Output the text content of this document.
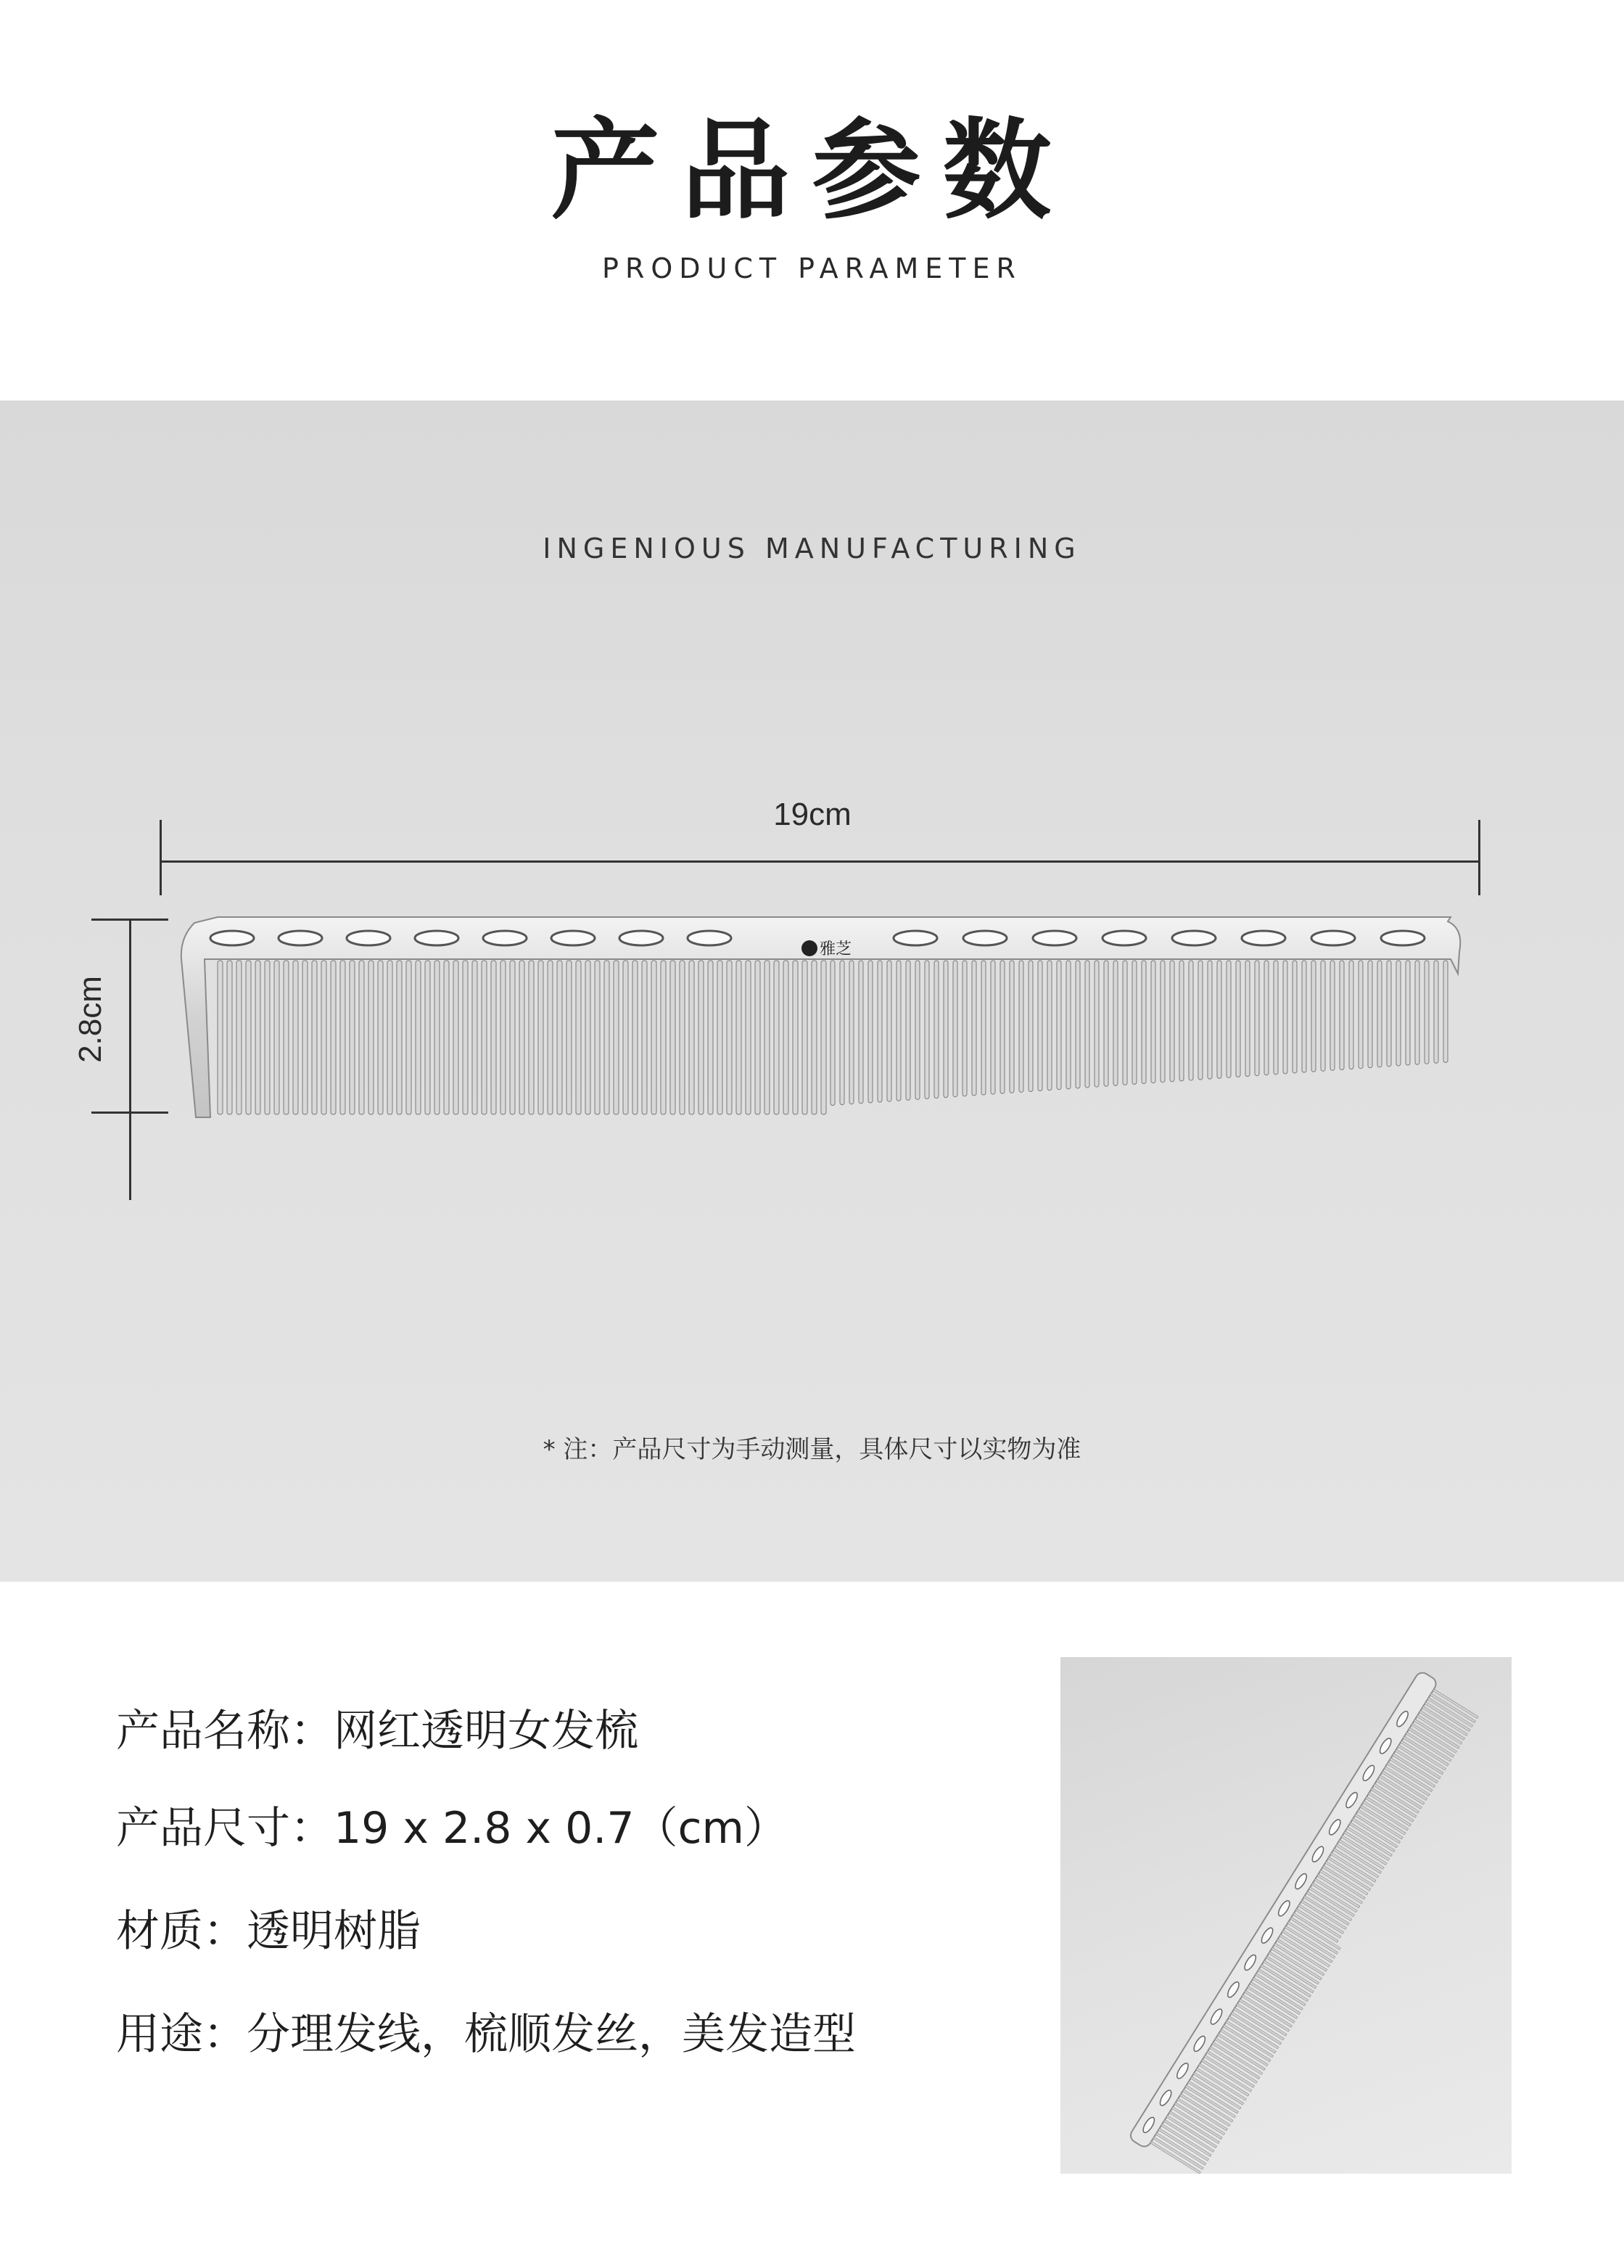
产品参数
PRODUCT PARAMETER
INGENIOUS MANUFACTURING
19cm
2.8cm
雅芝
* 注：产品尺寸为手动测量，具体尺寸以实物为准
产品名称：网红透明女发梳
产品尺寸：19 x 2.8 x 0.7（cm）
材质：透明树脂
用途：分理发线，梳顺发丝，美发造型
